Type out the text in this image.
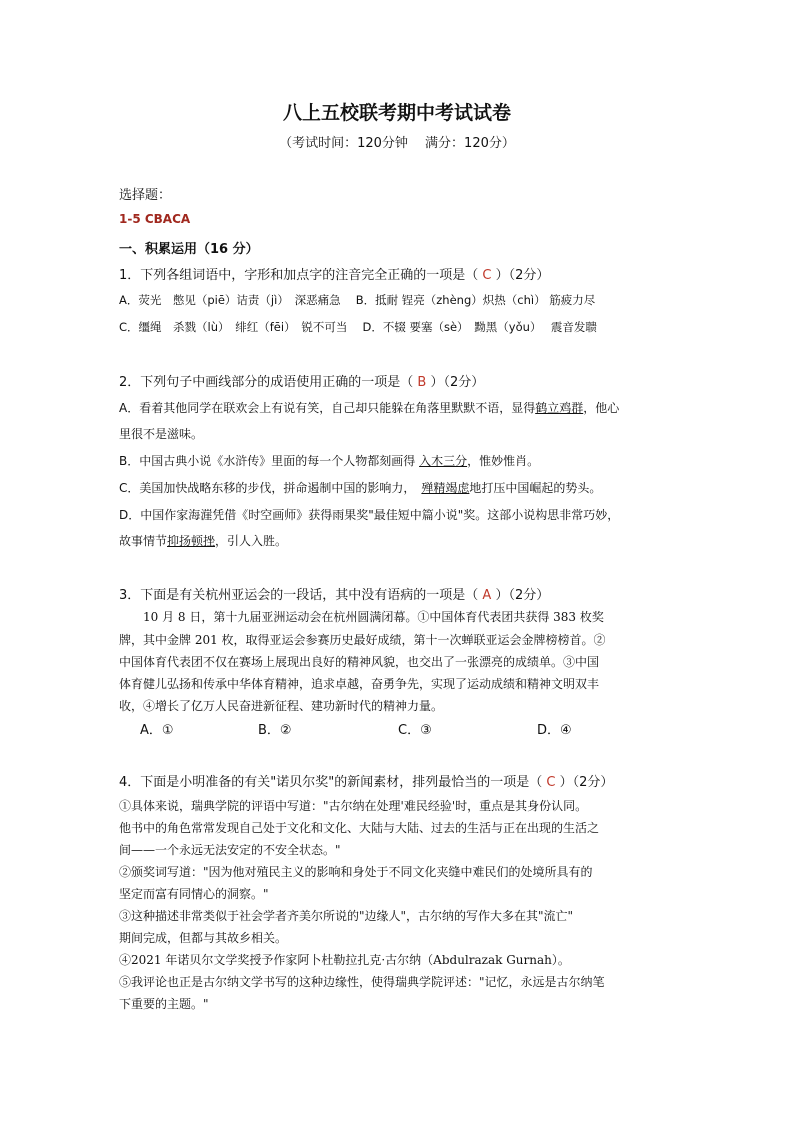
八上五校联考期中考试试卷
（考试时间：120分钟　 满分：120分）
选择题：
1-5 CBACA
一、积累运用（16 分）
1．下列各组词语中，字形和加点字的注音完全正确的一项是（ C ）（2分）
A．荧光　憋见（piē）诘责（jì）　深恶痛急　 B．抵耐 锃亮（zhèng）炽热（chì） 筋疲力尽
C．缰绳　杀戮（lù）　绯红（fēi）　锐不可当　 D．不辍 要塞（sè）　黝黑（yǒu）　 震音发聩
2．下列句子中画线部分的成语使用正确的一项是（ B ）（2分）
A．看着其他同学在联欢会上有说有笑，自己却只能躲在角落里默默不语，显得鹤立鸡群，他心
里很不是滋味。
B．中国古典小说《水浒传》里面的每一个人物都刻画得 入木三分，惟妙惟肖。
C．美国加快战略东移的步伐，拼命遏制中国的影响力，　殚精竭虑地打压中国崛起的势头。
D．中国作家海漄凭借《时空画师》获得雨果奖"最佳短中篇小说"奖。这部小说构思非常巧妙，
故事情节抑扬顿挫，引人入胜。
3．下面是有关杭州亚运会的一段话，其中没有语病的一项是（ A ）（2分）
　　10 月 8 日，第十九届亚洲运动会在杭州圆满闭幕。①中国体育代表团共获得 383 枚奖
牌，其中金牌 201 枚，取得亚运会参赛历史最好成绩，第十一次蝉联亚运会金牌榜榜首。②
中国体育代表团不仅在赛场上展现出良好的精神风貌，也交出了一张漂亮的成绩单。③中国
体育健儿弘扬和传承中华体育精神，追求卓越，奋勇争先，实现了运动成绩和精神文明双丰
收，④增长了亿万人民奋进新征程、建功新时代的精神力量。
A．①	B．②	C．③	D．④
4．下面是小明准备的有关"诺贝尔奖"的新闻素材，排列最恰当的一项是（ C ）（2分）
①具体来说，瑞典学院的评语中写道："古尔纳在处理'难民经验'时，重点是其身份认同。
他书中的角色常常发现自己处于文化和文化、大陆与大陆、过去的生活与正在出现的生活之
间——一个永远无法安定的不安全状态。"
②颁奖词写道："因为他对殖民主义的影响和身处于不同文化夹缝中难民们的处境所具有的
坚定而富有同情心的洞察。"
③这种描述非常类似于社会学者齐美尔所说的"边缘人"，古尔纳的写作大多在其"流亡"
期间完成，但都与其故乡相关。
④2021 年诺贝尔文学奖授予作家阿卜杜勒拉扎克·古尔纳（Abdulrazak Gurnah）。
⑤我评论也正是古尔纳文学书写的这种边缘性，使得瑞典学院评述："记忆，永远是古尔纳笔
下重要的主题。"
